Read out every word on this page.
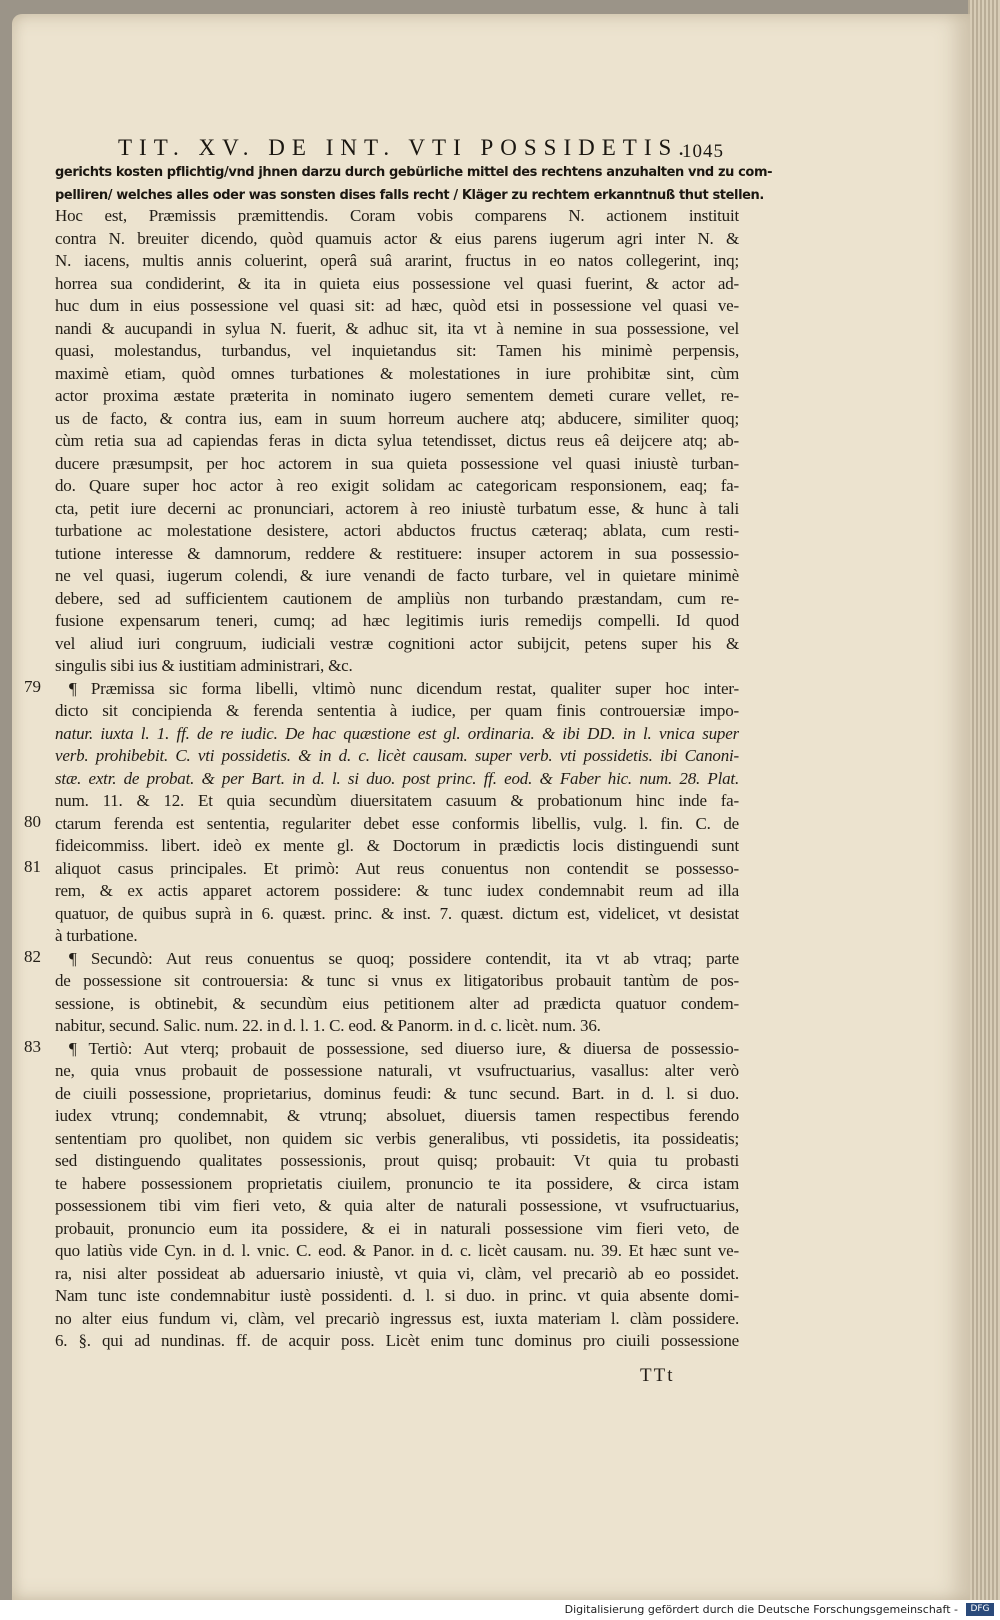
TIT. XV. DE INT. VTI POSSIDETIS.
1045
gerichts kosten pflichtig/vnd jhnen darzu durch gebürliche mittel des rechtens anzuhalten vnd zu com-
pelliren/ welches alles oder was sonsten dises falls recht / Kläger zu rechtem erkanntnuß thut stellen.
Hoc est, Præmissis præmittendis. Coram vobis comparens N. actionem instituit
contra N. breuiter dicendo, quòd quamuis actor & eius parens iugerum agri inter N. &
N. iacens, multis annis coluerint, operâ suâ ararint, fructus in eo natos collegerint, inq;
horrea sua condiderint, & ita in quieta eius possessione vel quasi fuerint, & actor ad-
huc dum in eius possessione vel quasi sit: ad hæc, quòd etsi in possessione vel quasi ve-
nandi & aucupandi in sylua N. fuerit, & adhuc sit, ita vt à nemine in sua possessione, vel
quasi, molestandus, turbandus, vel inquietandus sit: Tamen his minimè perpensis,
maximè etiam, quòd omnes turbationes & molestationes in iure prohibitæ sint, cùm
actor proxima æstate præterita in nominato iugero sementem demeti curare vellet, re-
us de facto, & contra ius, eam in suum horreum auchere atq; abducere, similiter quoq;
cùm retia sua ad capiendas feras in dicta sylua tetendisset, dictus reus eâ deijcere atq; ab-
ducere præsumpsit, per hoc actorem in sua quieta possessione vel quasi iniustè turban-
do. Quare super hoc actor à reo exigit solidam ac categoricam responsionem, eaq; fa-
cta, petit iure decerni ac pronunciari, actorem à reo iniustè turbatum esse, & hunc à tali
turbatione ac molestatione desistere, actori abductos fructus cæteraq; ablata, cum resti-
tutione interesse & damnorum, reddere & restituere: insuper actorem in sua possessio-
ne vel quasi, iugerum colendi, & iure venandi de facto turbare, vel in quietare minimè
debere, sed ad sufficientem cautionem de ampliùs non turbando præstandam, cum re-
fusione expensarum teneri, cumq; ad hæc legitimis iuris remedijs compelli. Id quod
vel aliud iuri congruum, iudiciali vestræ cognitioni actor subijcit, petens super his &
singulis sibi ius & iustitiam administrari, &c.
¶ Præmissa sic forma libelli, vltimò nunc dicendum restat, qualiter super hoc inter-
dicto sit concipienda & ferenda sententia à iudice, per quam finis controuersiæ impo-
natur. iuxta l. 1. ff. de re iudic. De hac quæstione est gl. ordinaria. & ibi DD. in l. vnica super
verb. prohibebit. C. vti possidetis. & in d. c. licèt causam. super verb. vti possidetis. ibi Canoni-
stæ. extr. de probat. & per Bart. in d. l. si duo. post princ. ff. eod. & Faber hic. num. 28. Plat.
num. 11. & 12. Et quia secundùm diuersitatem casuum & probationum hinc inde fa-
ctarum ferenda est sententia, regulariter debet esse conformis libellis, vulg. l. fin. C. de
fideicommiss. libert. ideò ex mente gl. & Doctorum in prædictis locis distinguendi sunt
aliquot casus principales. Et primò: Aut reus conuentus non contendit se possesso-
rem, & ex actis apparet actorem possidere: & tunc iudex condemnabit reum ad illa
quatuor, de quibus suprà in 6. quæst. princ. & inst. 7. quæst. dictum est, videlicet, vt desistat
à turbatione.
¶ Secundò: Aut reus conuentus se quoq; possidere contendit, ita vt ab vtraq; parte
de possessione sit controuersia: & tunc si vnus ex litigatoribus probauit tantùm de pos-
sessione, is obtinebit, & secundùm eius petitionem alter ad prædicta quatuor condem-
nabitur, secund. Salic. num. 22. in d. l. 1. C. eod. & Panorm. in d. c. licèt. num. 36.
¶ Tertiò: Aut vterq; probauit de possessione, sed diuerso iure, & diuersa de possessio-
ne, quia vnus probauit de possessione naturali, vt vsufructuarius, vasallus: alter verò
de ciuili possessione, proprietarius, dominus feudi: & tunc secund. Bart. in d. l. si duo.
iudex vtrunq; condemnabit, & vtrunq; absoluet, diuersis tamen respectibus ferendo
sententiam pro quolibet, non quidem sic verbis generalibus, vti possidetis, ita possideatis;
sed distinguendo qualitates possessionis, prout quisq; probauit: Vt quia tu probasti
te habere possessionem proprietatis ciuilem, pronuncio te ita possidere, & circa istam
possessionem tibi vim fieri veto, & quia alter de naturali possessione, vt vsufructuarius,
probauit, pronuncio eum ita possidere, & ei in naturali possessione vim fieri veto, de
quo latiùs vide Cyn. in d. l. vnic. C. eod. & Panor. in d. c. licèt causam. nu. 39. Et hæc sunt ve-
ra, nisi alter possideat ab aduersario iniustè, vt quia vi, clàm, vel precariò ab eo possidet.
Nam tunc iste condemnabitur iustè possidenti. d. l. si duo. in princ. vt quia absente domi-
no alter eius fundum vi, clàm, vel precariò ingressus est, iuxta materiam l. clàm possidere.
6. §. qui ad nundinas. ff. de acquir poss. Licèt enim tunc dominus pro ciuili possessione
79
80
81
82
83
TTt
Digitalisierung gefördert durch die Deutsche Forschungsgemeinschaft -	DFG
